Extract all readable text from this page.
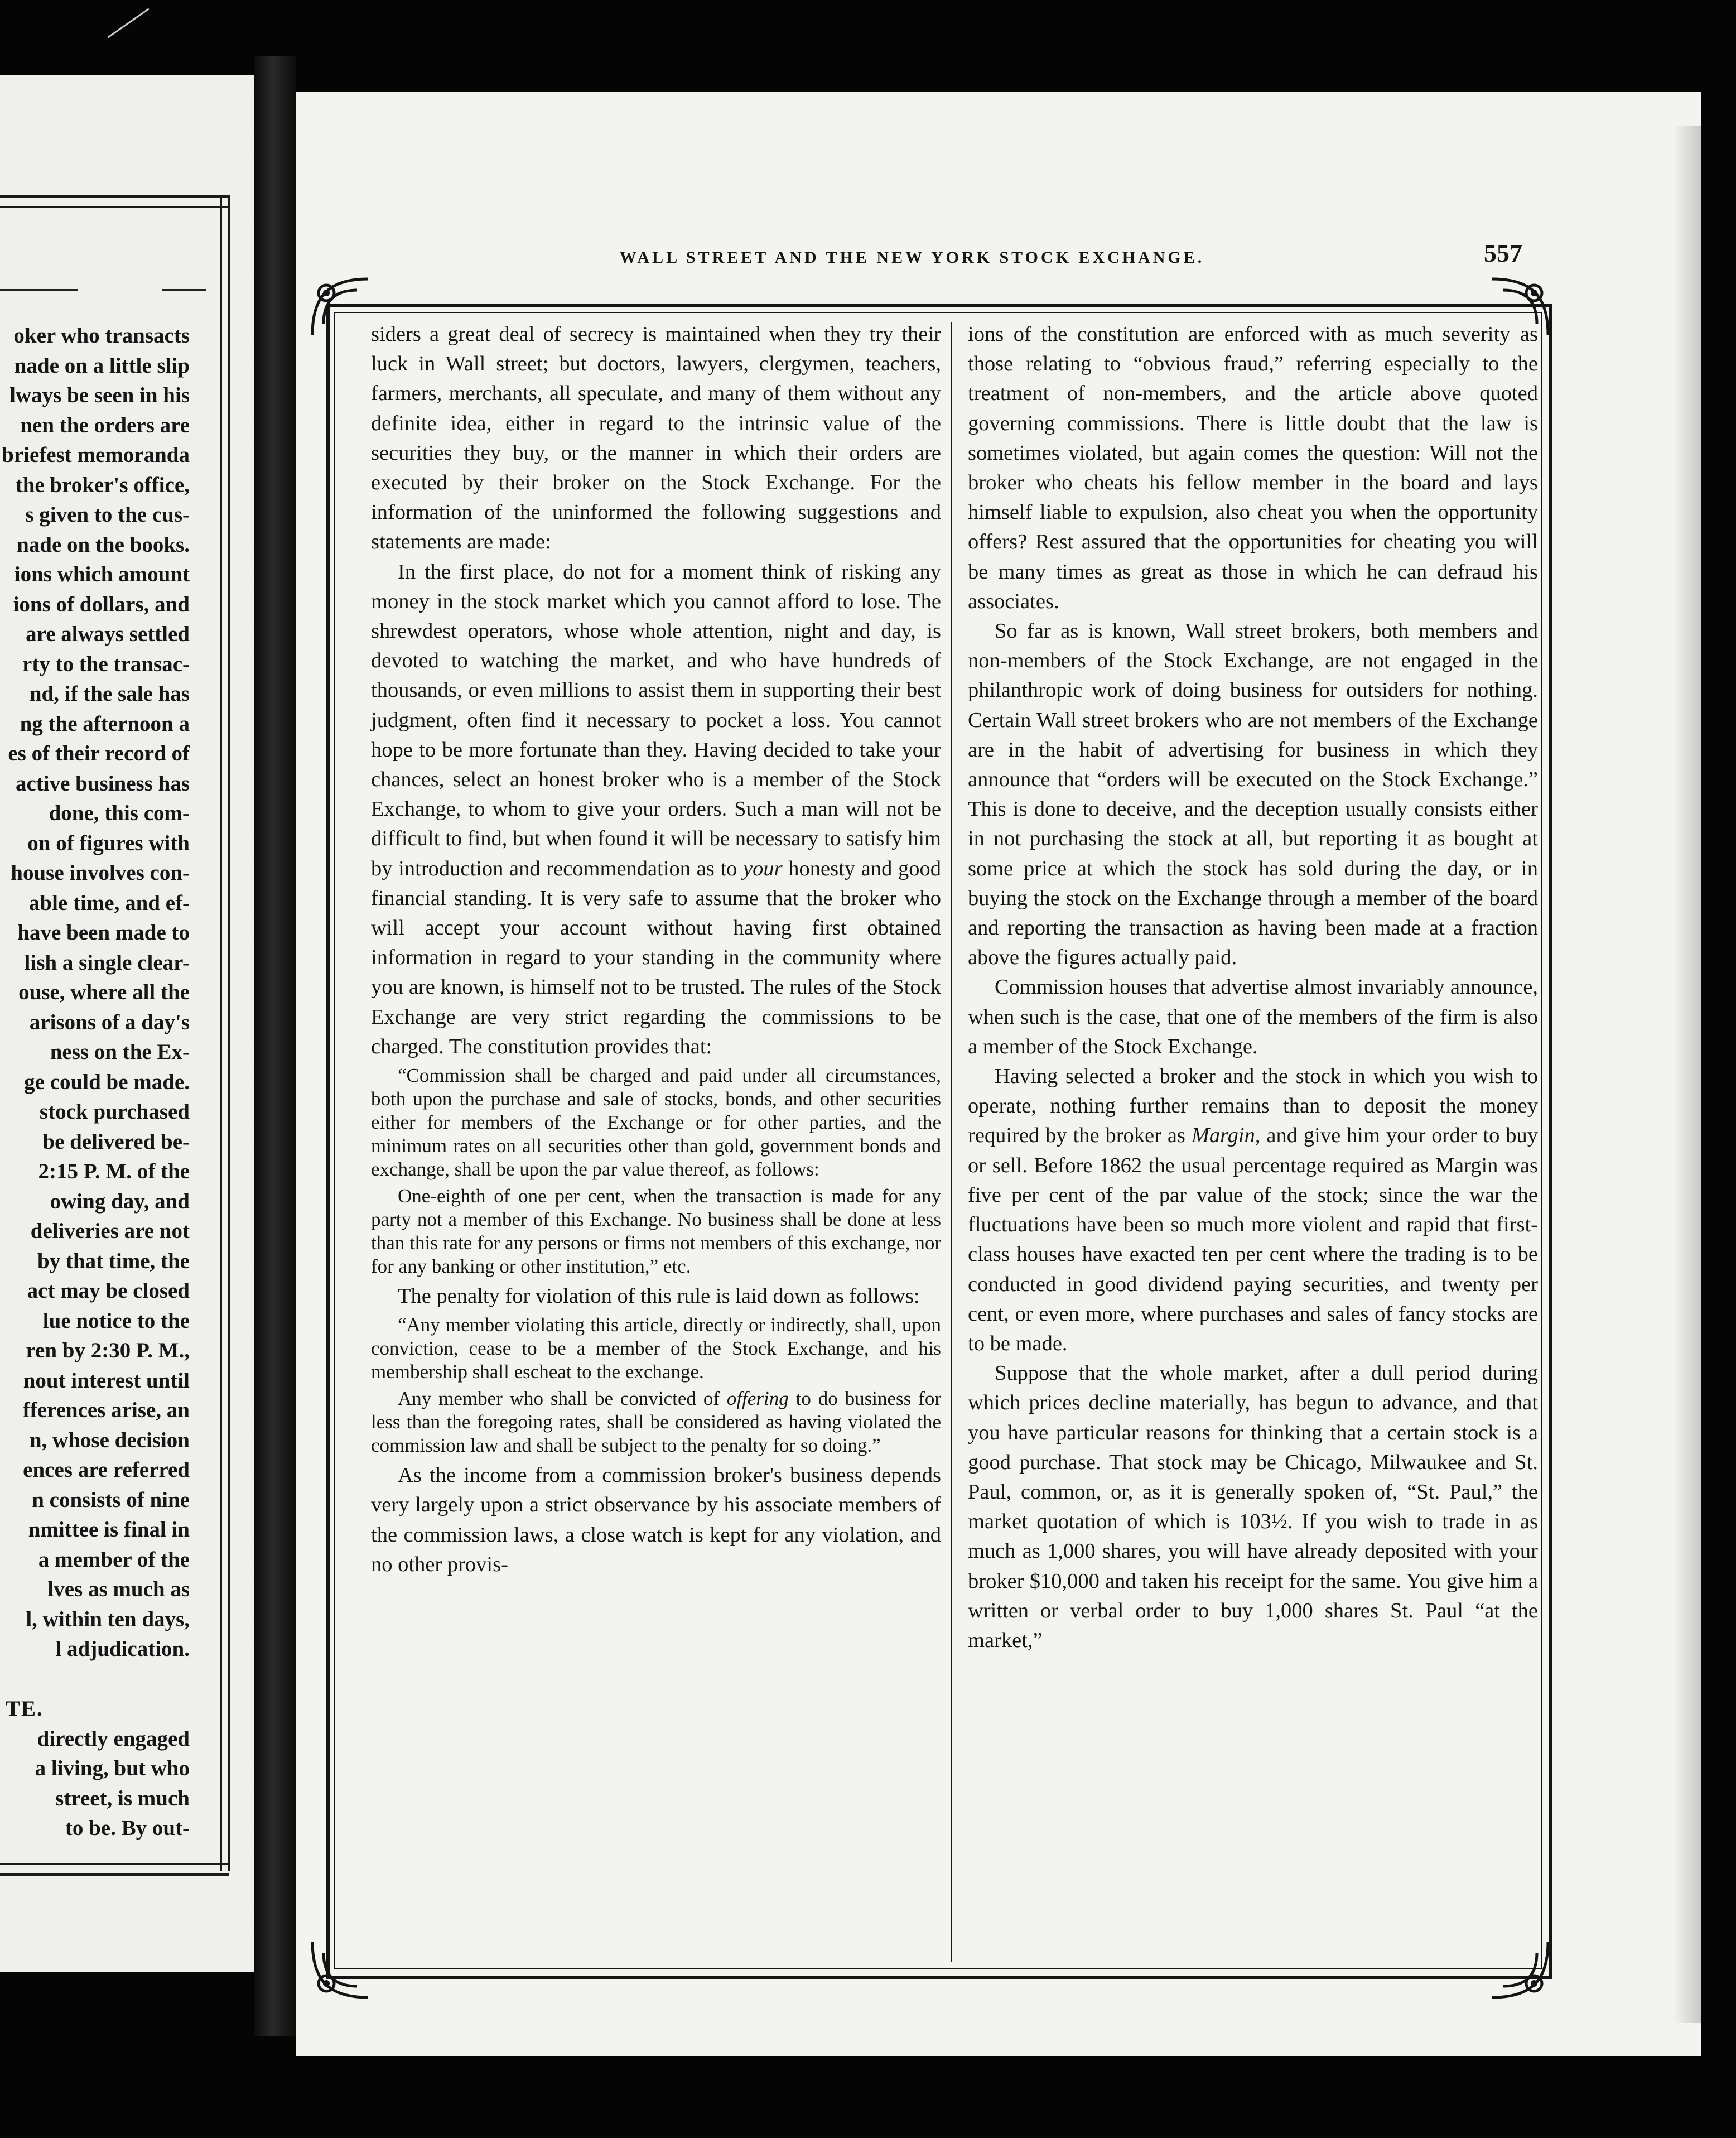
oker who transacts
nade on a little slip
lways be seen in his
nen the orders are
briefest memoranda
the broker's office,
s given to the cus-
nade on the books.
ions which amount
ions of dollars, and
are always settled
rty to the transac-
nd, if the sale has
ng the afternoon a
es of their record of
active business has
done, this com-
on of figures with
house involves con-
able time, and ef-
have been made to
lish a single clear-
ouse, where all the
arisons of a day's
ness on the Ex-
ge could be made.
stock purchased
be delivered be-
2:15 P. M. of the
owing day, and
deliveries are not
by that time, the
act may be closed
lue notice to the
ren by 2:30 P. M.,
nout interest until
fferences arise, an
n, whose decision
ences are referred
n consists of nine
nmittee is final in
a member of the
lves as much as
l, within ten days,
l adjudication.

TE.
directly engaged
a living, but who
street, is much
to be. By out-
WALL STREET AND THE NEW YORK STOCK EXCHANGE.	557

siders a great deal of secrecy is maintained when they try their luck in Wall street; but doctors, lawyers, clergymen, teachers, farmers, merchants, all speculate, and many of them without any definite idea, either in regard to the intrinsic value of the securities they buy, or the manner in which their orders are executed by their broker on the Stock Exchange. For the information of the uninformed the following suggestions and statements are made:

In the first place, do not for a moment think of risking any money in the stock market which you cannot afford to lose. The shrewdest operators, whose whole attention, night and day, is devoted to watching the market, and who have hundreds of thousands, or even millions to assist them in supporting their best judgment, often find it necessary to pocket a loss. You cannot hope to be more fortunate than they. Having decided to take your chances, select an honest broker who is a member of the Stock Exchange, to whom to give your orders. Such a man will not be difficult to find, but when found it will be necessary to satisfy him by introduction and recommendation as to your honesty and good financial standing. It is very safe to assume that the broker who will accept your account without having first obtained information in regard to your standing in the community where you are known, is himself not to be trusted. The rules of the Stock Exchange are very strict regarding the commissions to be charged. The constitution provides that:

“Commission shall be charged and paid under all circumstances, both upon the purchase and sale of stocks, bonds, and other securities either for members of the Exchange or for other parties, and the minimum rates on all securities other than gold, government bonds and exchange, shall be upon the par value thereof, as follows:

One-eighth of one per cent, when the transaction is made for any party not a member of this Exchange. No business shall be done at less than this rate for any persons or firms not members of this exchange, nor for any banking or other institution,” etc.

The penalty for violation of this rule is laid down as follows:

“Any member violating this article, directly or indirectly, shall, upon conviction, cease to be a member of the Stock Exchange, and his membership shall escheat to the exchange.

Any member who shall be convicted of offering to do business for less than the foregoing rates, shall be considered as having violated the commission law and shall be subject to the penalty for so doing.”

As the income from a commission broker's business depends very largely upon a strict observance by his associate members of the commission laws, a close watch is kept for any violation, and no other provis-

ions of the constitution are enforced with as much severity as those relating to “obvious fraud,” referring especially to the treatment of non-members, and the article above quoted governing commissions. There is little doubt that the law is sometimes violated, but again comes the question: Will not the broker who cheats his fellow member in the board and lays himself liable to expulsion, also cheat you when the opportunity offers? Rest assured that the opportunities for cheating you will be many times as great as those in which he can defraud his associates.

So far as is known, Wall street brokers, both members and non-members of the Stock Exchange, are not engaged in the philanthropic work of doing business for outsiders for nothing. Certain Wall street brokers who are not members of the Exchange are in the habit of advertising for business in which they announce that “orders will be executed on the Stock Exchange.” This is done to deceive, and the deception usually consists either in not purchasing the stock at all, but reporting it as bought at some price at which the stock has sold during the day, or in buying the stock on the Exchange through a member of the board and reporting the transaction as having been made at a fraction above the figures actually paid.

Commission houses that advertise almost invariably announce, when such is the case, that one of the members of the firm is also a member of the Stock Exchange.

Having selected a broker and the stock in which you wish to operate, nothing further remains than to deposit the money required by the broker as Margin, and give him your order to buy or sell. Before 1862 the usual percentage required as Margin was five per cent of the par value of the stock; since the war the fluctuations have been so much more violent and rapid that first-class houses have exacted ten per cent where the trading is to be conducted in good dividend paying securities, and twenty per cent, or even more, where purchases and sales of fancy stocks are to be made.

Suppose that the whole market, after a dull period during which prices decline materially, has begun to advance, and that you have particular reasons for thinking that a certain stock is a good purchase. That stock may be Chicago, Milwaukee and St. Paul, common, or, as it is generally spoken of, “St. Paul,” the market quotation of which is 103½. If you wish to trade in as much as 1,000 shares, you will have already deposited with your broker $10,000 and taken his receipt for the same. You give him a written or verbal order to buy 1,000 shares St. Paul “at the market,”
